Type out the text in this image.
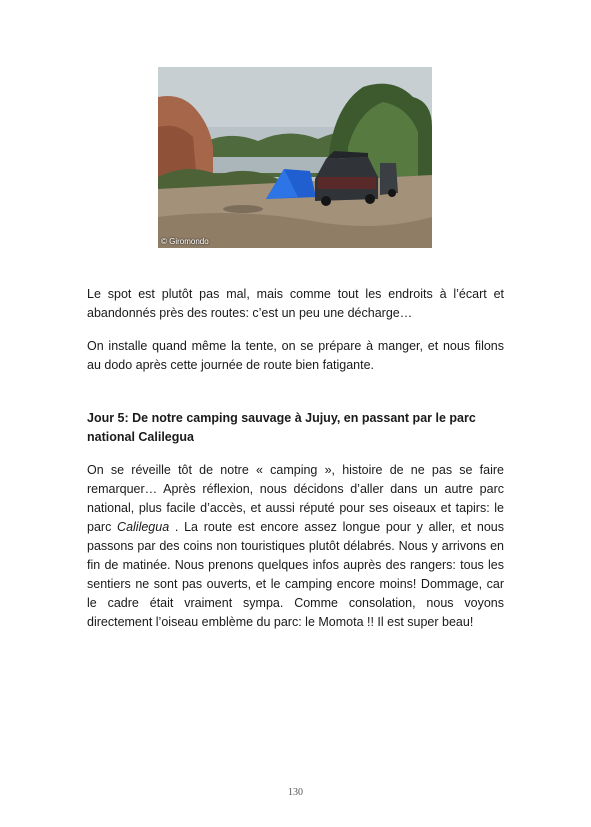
© Giromondo

Le spot est plutôt pas mal, mais comme tout les endroits à l’écart et abandonnés près des routes: c’est un peu une décharge…

On installe quand même la tente, on se prépare à manger, et nous filons au dodo après cette journée de route bien fatigante.

Jour 5: De notre camping sauvage à Jujuy, en passant par le parc national Calilegua

On se réveille tôt de notre « camping », histoire de ne pas se faire remarquer… Après réflexion, nous décidons d’aller dans un autre parc national, plus facile d’accès, et aussi réputé pour ses oiseaux et tapirs: le parc Calilegua . La route est encore assez longue pour y aller, et nous passons par des coins non touristiques plutôt délabrés. Nous y arrivons en fin de matinée. Nous prenons quelques infos auprès des rangers: tous les sentiers ne sont pas ouverts, et le camping encore moins! Dommage, car le cadre était vraiment sympa. Comme consolation, nous voyons directement l’oiseau emblème du parc: le Momota !! Il est super beau!

130
